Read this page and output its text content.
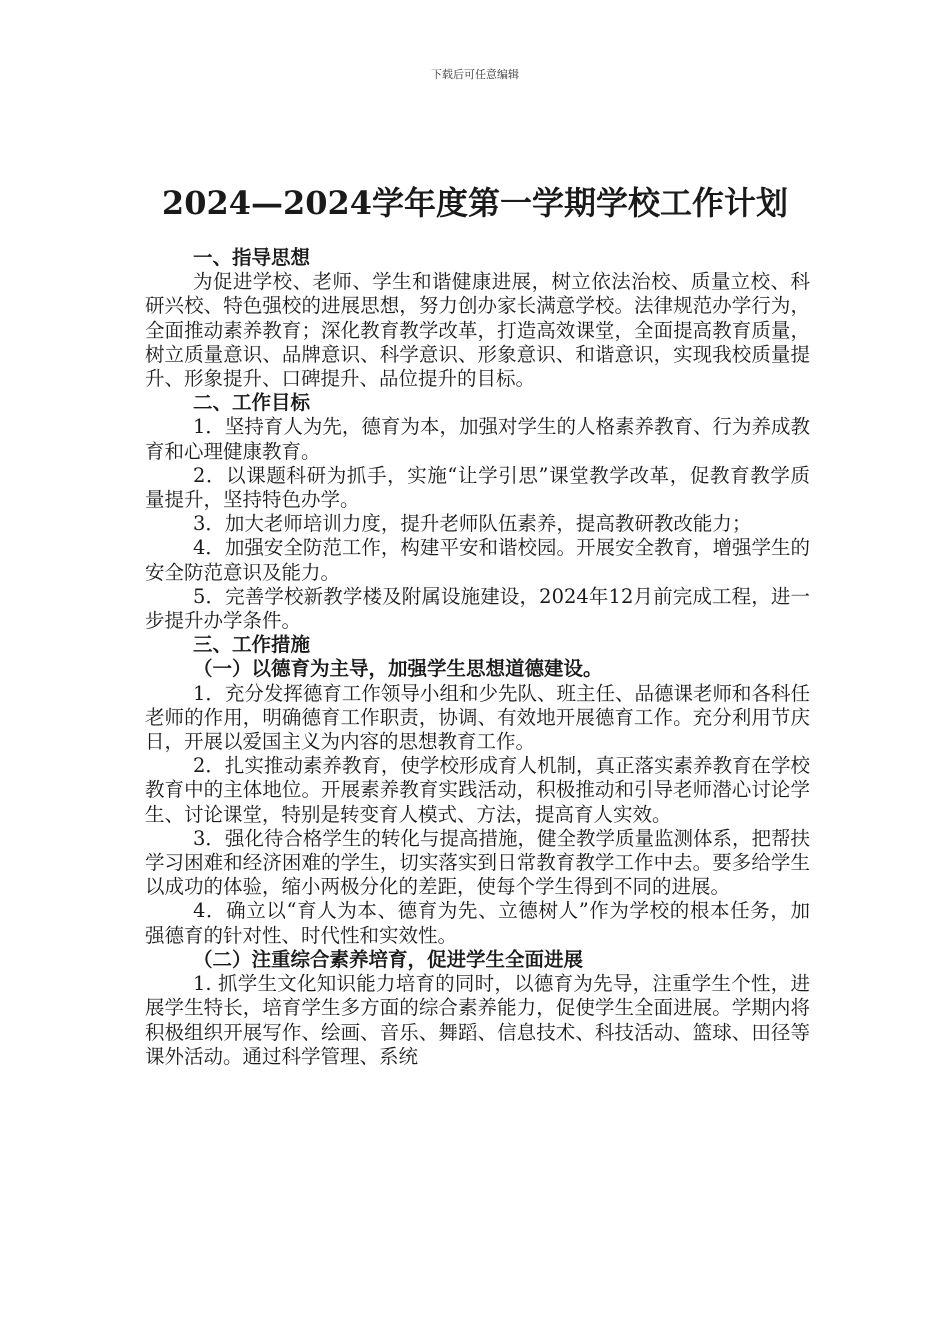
下载后可任意编辑
2024—2024学年度第一学期学校工作计划

一、指导思想

为促进学校、老师、学生和谐健康进展，树立依法治校、质量立校、科研兴校、特色强校的进展思想，努力创办家长满意学校。法律规范办学行为，全面推动素养教育；深化教育教学改革，打造高效课堂，全面提高教育质量，树立质量意识、品牌意识、科学意识、形象意识、和谐意识，实现我校质量提升、形象提升、口碑提升、品位提升的目标。

二、工作目标

1．坚持育人为先，德育为本，加强对学生的人格素养教育、行为养成教育和心理健康教育。

2．以课题科研为抓手，实施“让学引思”课堂教学改革，促教育教学质量提升，坚持特色办学。

3．加大老师培训力度，提升老师队伍素养，提高教研教改能力；

4．加强安全防范工作，构建平安和谐校园。开展安全教育，增强学生的安全防范意识及能力。

5．完善学校新教学楼及附属设施建设，2024年12月前完成工程，进一步提升办学条件。

三、工作措施

（一）以德育为主导，加强学生思想道德建设。

1．充分发挥德育工作领导小组和少先队、班主任、品德课老师和各科任老师的作用，明确德育工作职责，协调、有效地开展德育工作。充分利用节庆日，开展以爱国主义为内容的思想教育工作。

2．扎实推动素养教育，使学校形成育人机制，真正落实素养教育在学校教育中的主体地位。开展素养教育实践活动，积极推动和引导老师潜心讨论学生、讨论课堂，特别是转变育人模式、方法，提高育人实效。

3．强化待合格学生的转化与提高措施，健全教学质量监测体系，把帮扶学习困难和经济困难的学生，切实落实到日常教育教学工作中去。要多给学生以成功的体验，缩小两极分化的差距，使每个学生得到不同的进展。

4．确立以“育人为本、德育为先、立德树人”作为学校的根本任务，加强德育的针对性、时代性和实效性。

（二）注重综合素养培育，促进学生全面进展

1. 抓学生文化知识能力培育的同时，以德育为先导，注重学生个性，进展学生特长，培育学生多方面的综合素养能力，促使学生全面进展。学期内将积极组织开展写作、绘画、音乐、舞蹈、信息技术、科技活动、篮球、田径等课外活动。通过科学管理、系统
